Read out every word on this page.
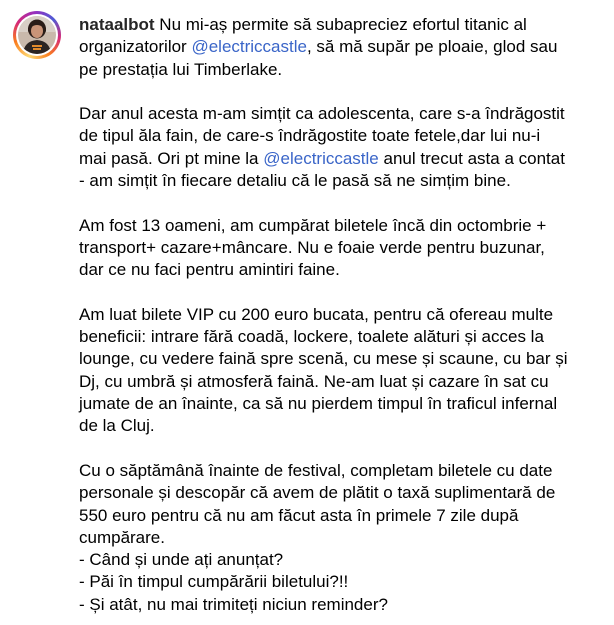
nataalbot Nu mi-aș permite să subapreciez efortul titanic al
organizatorilor @electriccastle, să mă supăr pe ploaie, glod sau
pe prestația lui Timberlake.
Dar anul acesta m-am simțit ca adolescenta, care s-a îndrăgostit
de tipul ăla fain, de care-s îndrăgostite toate fetele,dar lui nu-i
mai pasă. Ori pt mine la @electriccastle anul trecut asta a contat
- am simțit în fiecare detaliu că le pasă să ne simțim bine.
Am fost 13 oameni, am cumpărat biletele încă din octombrie +
transport+ cazare+mâncare. Nu e foaie verde pentru buzunar,
dar ce nu faci pentru amintiri faine.
Am luat bilete VIP cu 200 euro bucata, pentru că ofereau multe
beneficii: intrare fără coadă, lockere, toalete alături și acces la
lounge, cu vedere faină spre scenă, cu mese și scaune, cu bar și
Dj, cu umbră și atmosferă faină. Ne-am luat și cazare în sat cu
jumate de an înainte, ca să nu pierdem timpul în traficul infernal
de la Cluj.
Cu o săptămână înainte de festival, completam biletele cu date
personale și descopăr că avem de plătit o taxă suplimentară de
550 euro pentru că nu am făcut asta în primele 7 zile după
cumpărare.
- Când și unde ați anunțat?
- Păi în timpul cumpărării biletului?!!
- Și atât, nu mai trimiteți niciun reminder?
